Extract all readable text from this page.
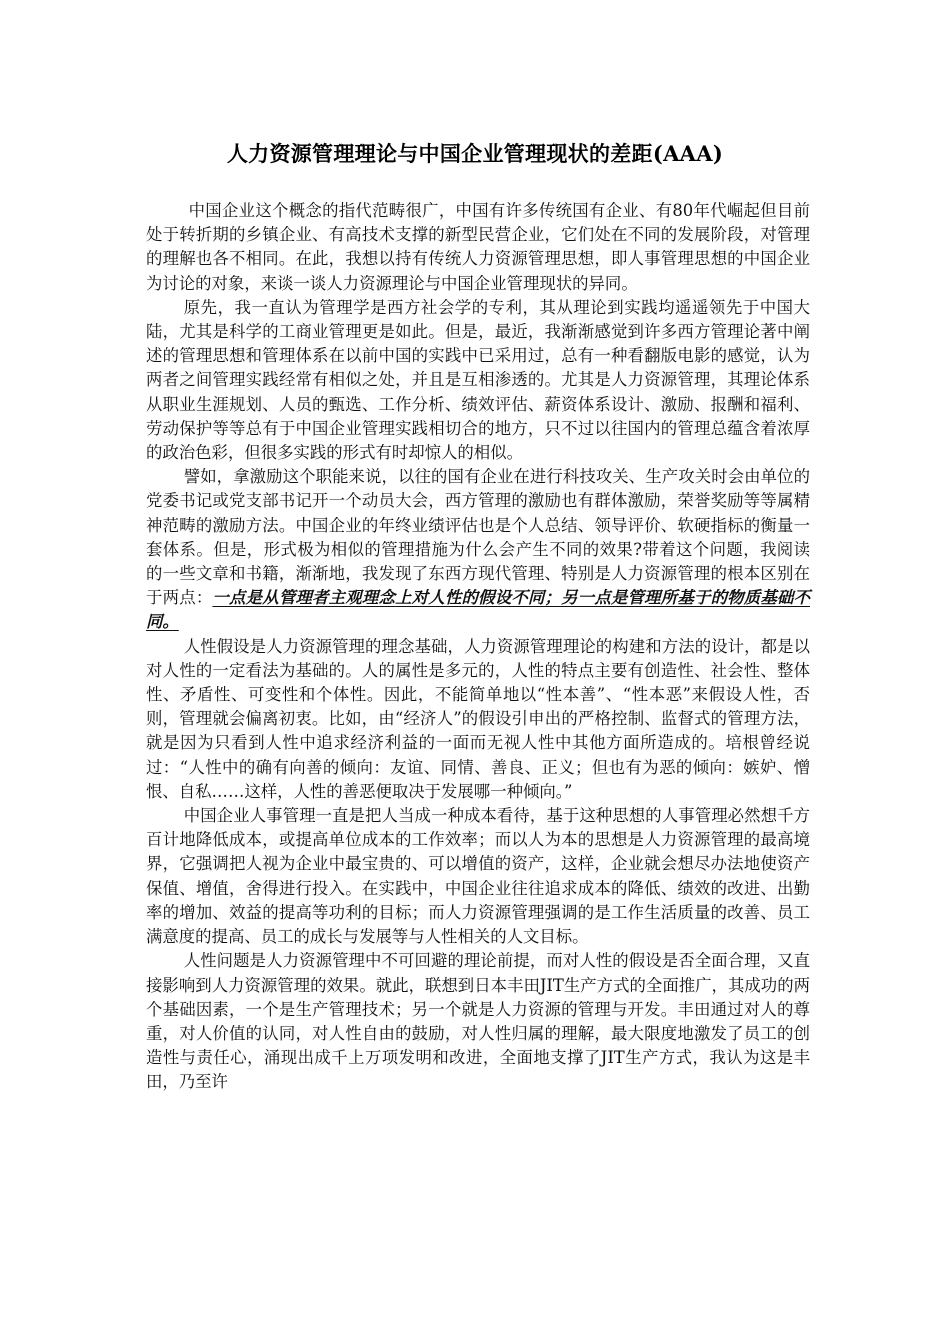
人力资源管理理论与中国企业管理现状的差距(AAA)

中国企业这个概念的指代范畴很广，中国有许多传统国有企业、有80年代崛起但目前处于转折期的乡镇企业、有高技术支撑的新型民营企业，它们处在不同的发展阶段，对管理的理解也各不相同。在此，我想以持有传统人力资源管理思想，即人事管理思想的中国企业为讨论的对象，来谈一谈人力资源理论与中国企业管理现状的异同。

原先，我一直认为管理学是西方社会学的专利，其从理论到实践均遥遥领先于中国大陆，尤其是科学的工商业管理更是如此。但是，最近，我渐渐感觉到许多西方管理论著中阐述的管理思想和管理体系在以前中国的实践中已采用过，总有一种看翻版电影的感觉，认为两者之间管理实践经常有相似之处，并且是互相渗透的。尤其是人力资源管理，其理论体系从职业生涯规划、人员的甄选、工作分析、绩效评估、薪资体系设计、激励、报酬和福利、劳动保护等等总有于中国企业管理实践相切合的地方，只不过以往国内的管理总蕴含着浓厚的政治色彩，但很多实践的形式有时却惊人的相似。

譬如，拿激励这个职能来说，以往的国有企业在进行科技攻关、生产攻关时会由单位的党委书记或党支部书记开一个动员大会，西方管理的激励也有群体激励，荣誉奖励等等属精神范畴的激励方法。中国企业的年终业绩评估也是个人总结、领导评价、软硬指标的衡量一套体系。但是，形式极为相似的管理措施为什么会产生不同的效果?带着这个问题，我阅读的一些文章和书籍，渐渐地，我发现了东西方现代管理、特别是人力资源管理的根本区别在于两点：一点是从管理者主观理念上对人性的假设不同；另一点是管理所基于的物质基础不同。

人性假设是人力资源管理的理念基础，人力资源管理理论的构建和方法的设计，都是以对人性的一定看法为基础的。人的属性是多元的，人性的特点主要有创造性、社会性、整体性、矛盾性、可变性和个体性。因此，不能简单地以“性本善”、“性本恶”来假设人性，否则，管理就会偏离初衷。比如，由“经济人”的假设引申出的严格控制、监督式的管理方法，就是因为只看到人性中追求经济利益的一面而无视人性中其他方面所造成的。培根曾经说过：“人性中的确有向善的倾向：友谊、同情、善良、正义；但也有为恶的倾向：嫉妒、憎恨、自私……这样，人性的善恶便取决于发展哪一种倾向。”

中国企业人事管理一直是把人当成一种成本看待，基于这种思想的人事管理必然想千方百计地降低成本，或提高单位成本的工作效率；而以人为本的思想是人力资源管理的最高境界，它强调把人视为企业中最宝贵的、可以增值的资产，这样，企业就会想尽办法地使资产保值、增值，舍得进行投入。在实践中，中国企业往往追求成本的降低、绩效的改进、出勤率的增加、效益的提高等功利的目标；而人力资源管理强调的是工作生活质量的改善、员工满意度的提高、员工的成长与发展等与人性相关的人文目标。

人性问题是人力资源管理中不可回避的理论前提，而对人性的假设是否全面合理，又直接影响到人力资源管理的效果。就此，联想到日本丰田JIT生产方式的全面推广，其成功的两个基础因素，一个是生产管理技术；另一个就是人力资源的管理与开发。丰田通过对人的尊重，对人价值的认同，对人性自由的鼓励，对人性归属的理解，最大限度地激发了员工的创造性与责任心，涌现出成千上万项发明和改进，全面地支撑了JIT生产方式，我认为这是丰田，乃至许
